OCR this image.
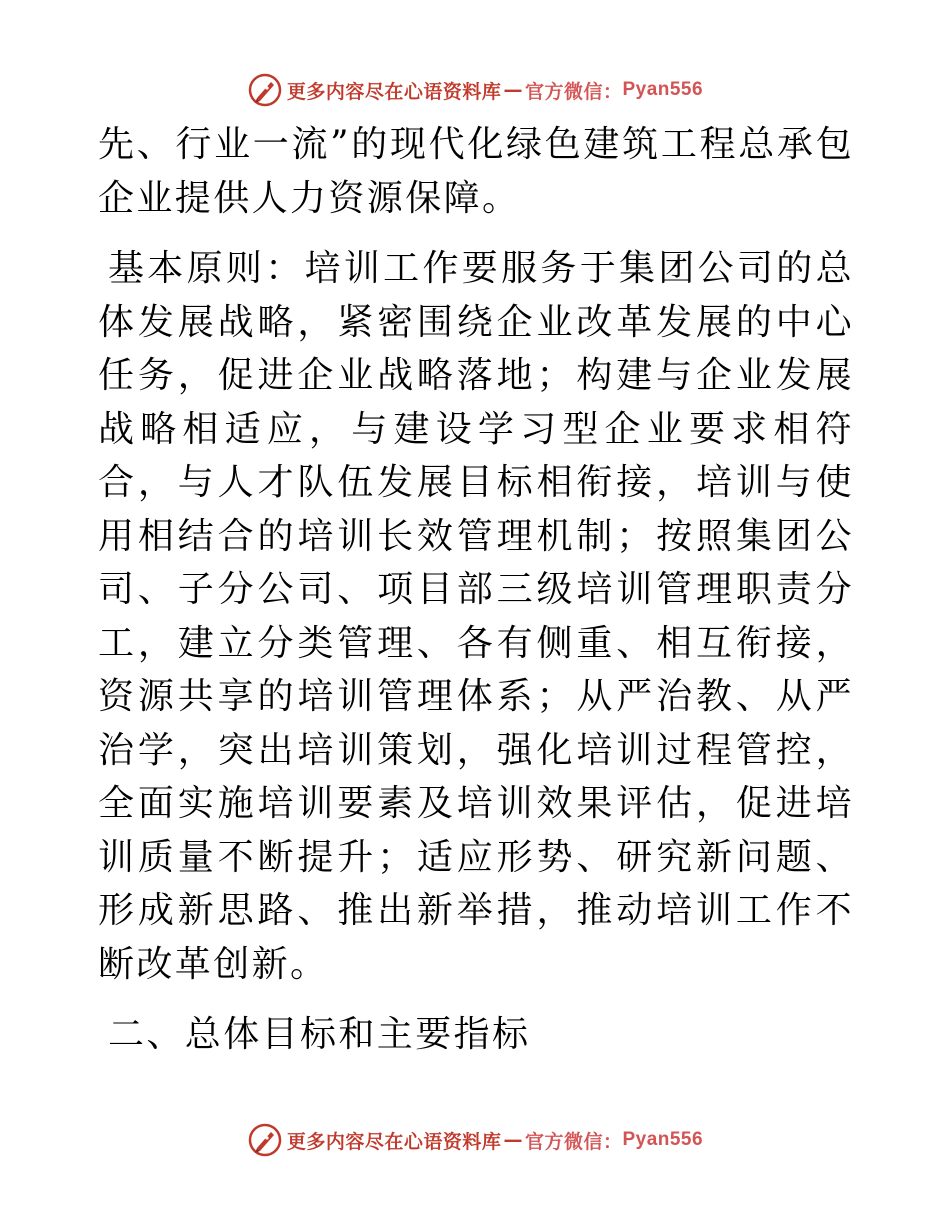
更多内容尽在心语资料库 — 官方微信： Pyan556

先、行业一流”的现代化绿色建筑工程总承包企业提供人力资源保障。

基本原则：培训工作要服务于集团公司的总体发展战略，紧密围绕企业改革发展的中心任务，促进企业战略落地；构建与企业发展战略相适应，与建设学习型企业要求相符合，与人才队伍发展目标相衔接，培训与使用相结合的培训长效管理机制；按照集团公司、子分公司、项目部三级培训管理职责分工，建立分类管理、各有侧重、相互衔接，资源共享的培训管理体系；从严治教、从严治学，突出培训策划，强化培训过程管控，全面实施培训要素及培训效果评估，促进培训质量不断提升；适应形势、研究新问题、形成新思路、推出新举措，推动培训工作不断改革创新。

二、总体目标和主要指标
更多内容尽在心语资料库 — 官方微信： Pyan556
